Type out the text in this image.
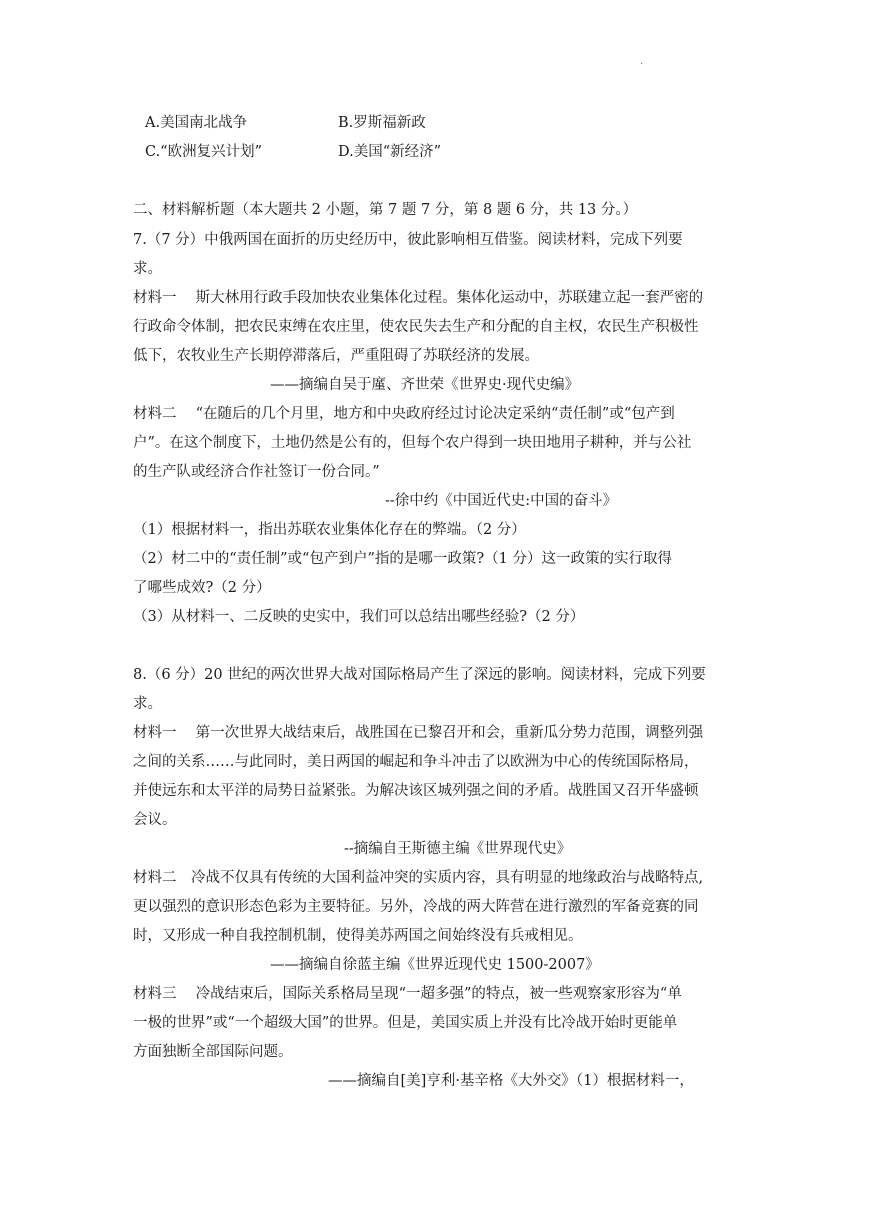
.
A.美国南北战争	B.罗斯福新政
C.“欧洲复兴计划”	D.美国“新经济”
二、材料解析题（本大题共 2 小题，第 7 题 7 分，第 8 题 6 分，共 13 分。）
7.（7 分）中俄两国在面折的历史经历中，彼此影响相互借鉴。阅读材料，完成下列要
求。
材料一　 斯大林用行政手段加快农业集体化过程。集体化运动中，苏联建立起一套严密的
行政命令体制，把农民束缚在农庄里，使农民失去生产和分配的自主权，农民生产积极性
低下，农牧业生产长期停滞落后，严重阻碍了苏联经济的发展。
——摘编自吴于廑、齐世荣《世界史·现代史编》
材料二　 “在随后的几个月里，地方和中央政府经过讨论决定采纳“责任制”或“包产到
户”。在这个制度下，土地仍然是公有的，但每个农户得到一块田地用子耕种，并与公社
的生产队或经济合作社签订一份合同。”
--徐中约《中国近代史:中国的奋斗》
（1）根据材料一，指出苏联农业集体化存在的弊端。（2 分）
（2）材二中的“责任制”或“包产到户”指的是哪一政策?（1 分）这一政策的实行取得
了哪些成效?（2 分）
（3）从材料一、二反映的史实中，我们可以总结出哪些经验?（2 分）
8.（6 分）20 世纪的两次世界大战对国际格局产生了深远的影响。阅读材料，完成下列要
求。
材料一　 第一次世界大战结束后，战胜国在已黎召开和会，重新瓜分势力范围，调整列强
之间的关系……与此同时，美日两国的崛起和争斗冲击了以欧洲为中心的传统国际格局，
并使远东和太平洋的局势日益紧张。为解决该区城列强之间的矛盾。战胜国又召开华盛顿
会议。
--摘编自王斯德主编《世界现代史》
材料二　冷战不仅具有传统的大国利益冲突的实质内容，具有明显的地缘政治与战略特点,
更以强烈的意识形态色彩为主要特征。另外，冷战的两大阵营在进行激烈的军备竞赛的同
时，又形成一种自我控制机制，使得美苏两国之间始终没有兵戒相见。
——摘编自徐蓝主编《世界近现代史 1500-2007》
材料三　 冷战结束后，国际关系格局呈现“一超多强”的特点，被一些观察家形容为“单
一极的世界”或“一个超级大国”的世界。但是，美国实质上并没有比冷战开始时更能单
方面独断全部国际问题。
——摘编自[美]亨利·基辛格《大外交》（1）根据材料一，
